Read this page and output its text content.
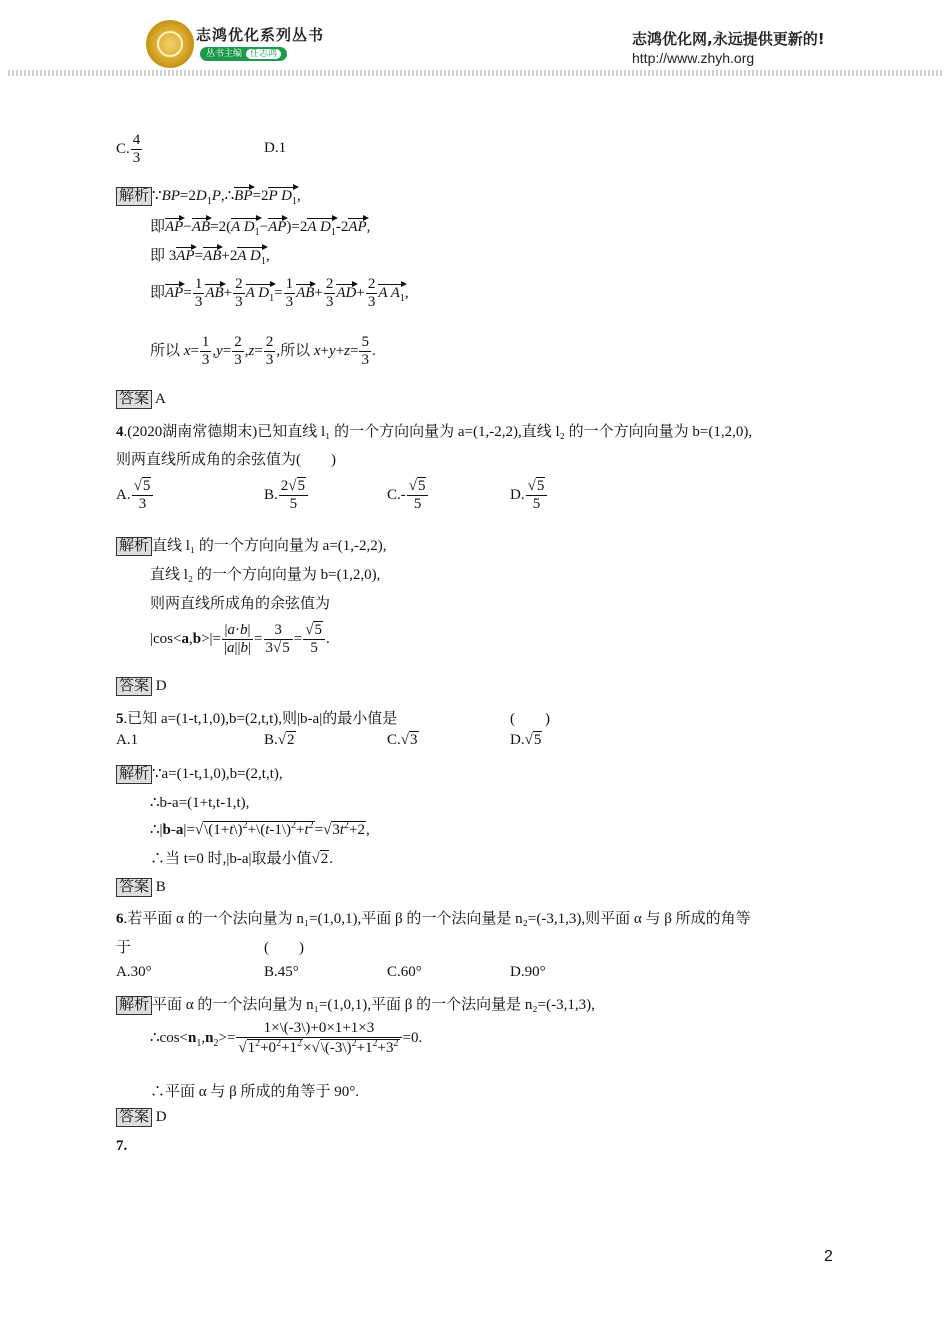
志鸿优化系列丛书
丛书主编 任志鸿
志鸿优化网,永远提供更新的!
http://www.zhyh.org
C. $\frac{4}{3}$	D.1
解析 $\because BP=2D_1P,\therefore BP=2P$ $D_1$,
即AP−AB=2(A $D_1-AP)=2A$ $D_1-2AP$,
即 3AP=AB+2A $D_1$,
即$AP= \frac{1}{3} AB+ \frac{2}{3}$ A $D_1= \frac{1}{3} AB+ \frac{2}{3} AD+ \frac{2}{3}$ A $A_1$,
所以 $x= \frac{1}{3} ,y= \frac{2}{3} ,z= \frac{2}{3}$ ,所以 $x+y+z= \frac{5}{3}$ .
答案 A
4.(2020湖南常德期末)已知直线 l₁ 的一个方向向量为 a=(1,-2,2),直线 l₂ 的一个方向向量为 b=(1,2,0),
则两直线所成角的余弦值为(　　)
A. $\frac{√5}{3}$	B. $\frac{2√5}{5}$	$C.- \frac{√5}{5}$	D. $\frac{√5}{5}$
解析 直线 l₁ 的一个方向向量为 a=(1,-2,2),
直线 l₂ 的一个方向向量为 b=(1,2,0),
则两直线所成角的余弦值为
$|\cos<a,b>|= \frac{|a\cdot b|}{|a||b|} = \frac{3}{3√5} = \frac{√5}{5}$ .
答案 D
5.已知 a=(1-t,1,0),b=(2,t,t),则|b-a|的最小值是	(　　)
A.1	B.√2	C.√3	D.√5
解析 ∵a=(1-t,1,0),b=(2,t,t),
∴b-a=(1+t,t-1,t),
$\therefore|b-a|=√\backslash(1+t\backslash)^2+\backslash(t-1\backslash)^2+t^2=√3t^2+2$,
∴当 t=0 时,|b-a|取最小值√2.
答案 B
6.若平面 α 的一个法向量为 n₁=(1,0,1),平面 β 的一个法向量是 n₂=(-3,1,3),则平面 α 与 β 所成的角等
于	(　　)
A.30°	B.45°	C.60°	D.90°
解析 平面 α 的一个法向量为 n₁=(1,0,1),平面 β 的一个法向量是 n₂=(-3,1,3),
$\therefore\cos<n_1,n_2>= \frac{1\times\backslash(-3\backslash)+0\times 1+1\times 3}{√1^2+0^2+1^2\times√\backslash(-3\backslash)^2+1^2+3^2} =0$.
∴平面 α 与 β 所成的角等于 90°.
答案 D
7.
2
